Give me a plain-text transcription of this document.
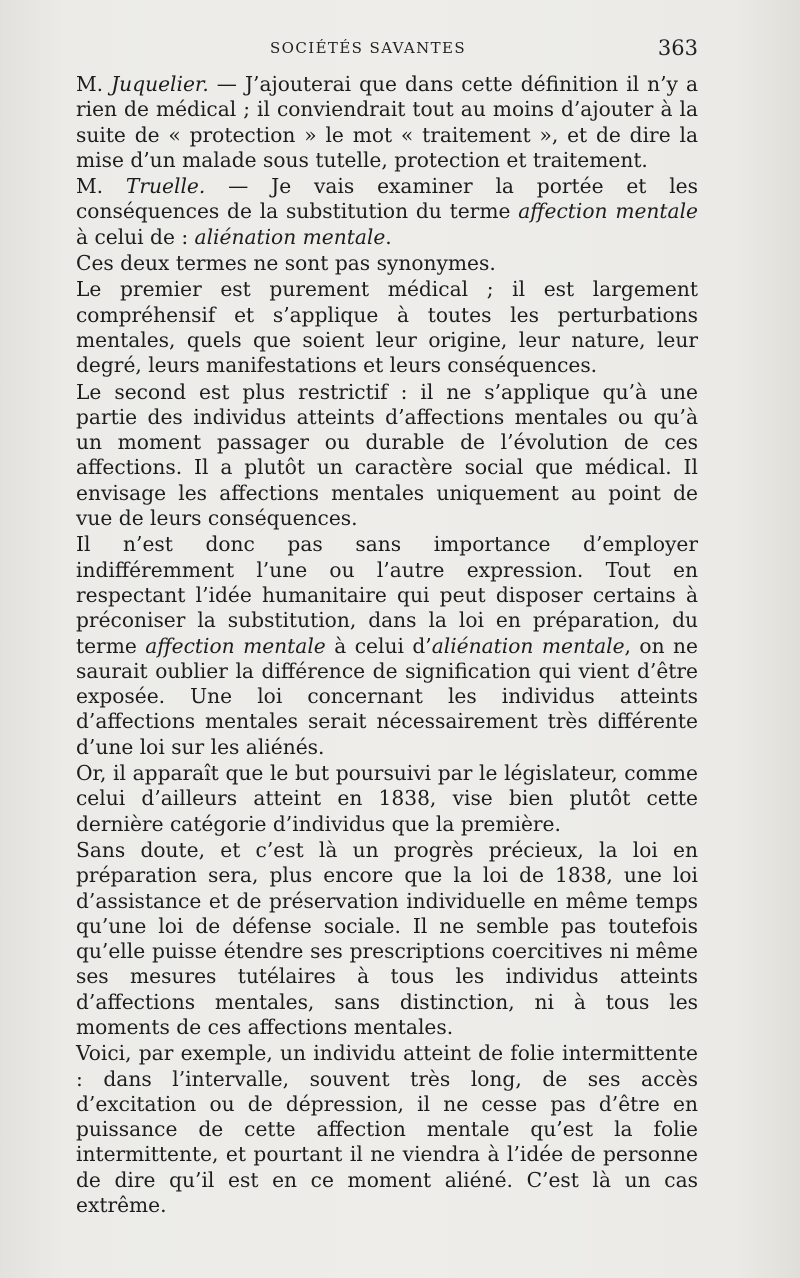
SOCIÉTÉS SAVANTES	363

M. Juquelier. — J’ajouterai que dans cette définition il n’y a rien de médical ; il conviendrait tout au moins d’ajouter à la suite de « protection » le mot « traitement », et de dire la mise d’un malade sous tutelle, protection et traitement.

M. Truelle. — Je vais examiner la portée et les conséquences de la substitution du terme affection mentale à celui de : aliénation mentale.

Ces deux termes ne sont pas synonymes.

Le premier est purement médical ; il est largement compréhensif et s’applique à toutes les perturbations mentales, quels que soient leur origine, leur nature, leur degré, leurs manifestations et leurs conséquences.

Le second est plus restrictif : il ne s’applique qu’à une partie des individus atteints d’affections mentales ou qu’à un moment passager ou durable de l’évolution de ces affections. Il a plutôt un caractère social que médical. Il envisage les affections mentales uniquement au point de vue de leurs conséquences.

Il n’est donc pas sans importance d’employer indifféremment l’une ou l’autre expression. Tout en respectant l’idée humanitaire qui peut disposer certains à préconiser la substitution, dans la loi en préparation, du terme affection mentale à celui d’aliénation mentale, on ne saurait oublier la différence de signification qui vient d’être exposée. Une loi concernant les individus atteints d’affections mentales serait nécessairement très différente d’une loi sur les aliénés.

Or, il apparaît que le but poursuivi par le législateur, comme celui d’ailleurs atteint en 1838, vise bien plutôt cette dernière catégorie d’individus que la première.

Sans doute, et c’est là un progrès précieux, la loi en préparation sera, plus encore que la loi de 1838, une loi d’assistance et de préservation individuelle en même temps qu’une loi de défense sociale. Il ne semble pas toutefois qu’elle puisse étendre ses prescriptions coercitives ni même ses mesures tutélaires à tous les individus atteints d’affections mentales, sans distinction, ni à tous les moments de ces affections mentales.

Voici, par exemple, un individu atteint de folie intermittente : dans l’intervalle, souvent très long, de ses accès d’excitation ou de dépression, il ne cesse pas d’être en puissance de cette affection mentale qu’est la folie intermittente, et pourtant il ne viendra à l’idée de personne de dire qu’il est en ce moment aliéné. C’est là un cas extrême.
